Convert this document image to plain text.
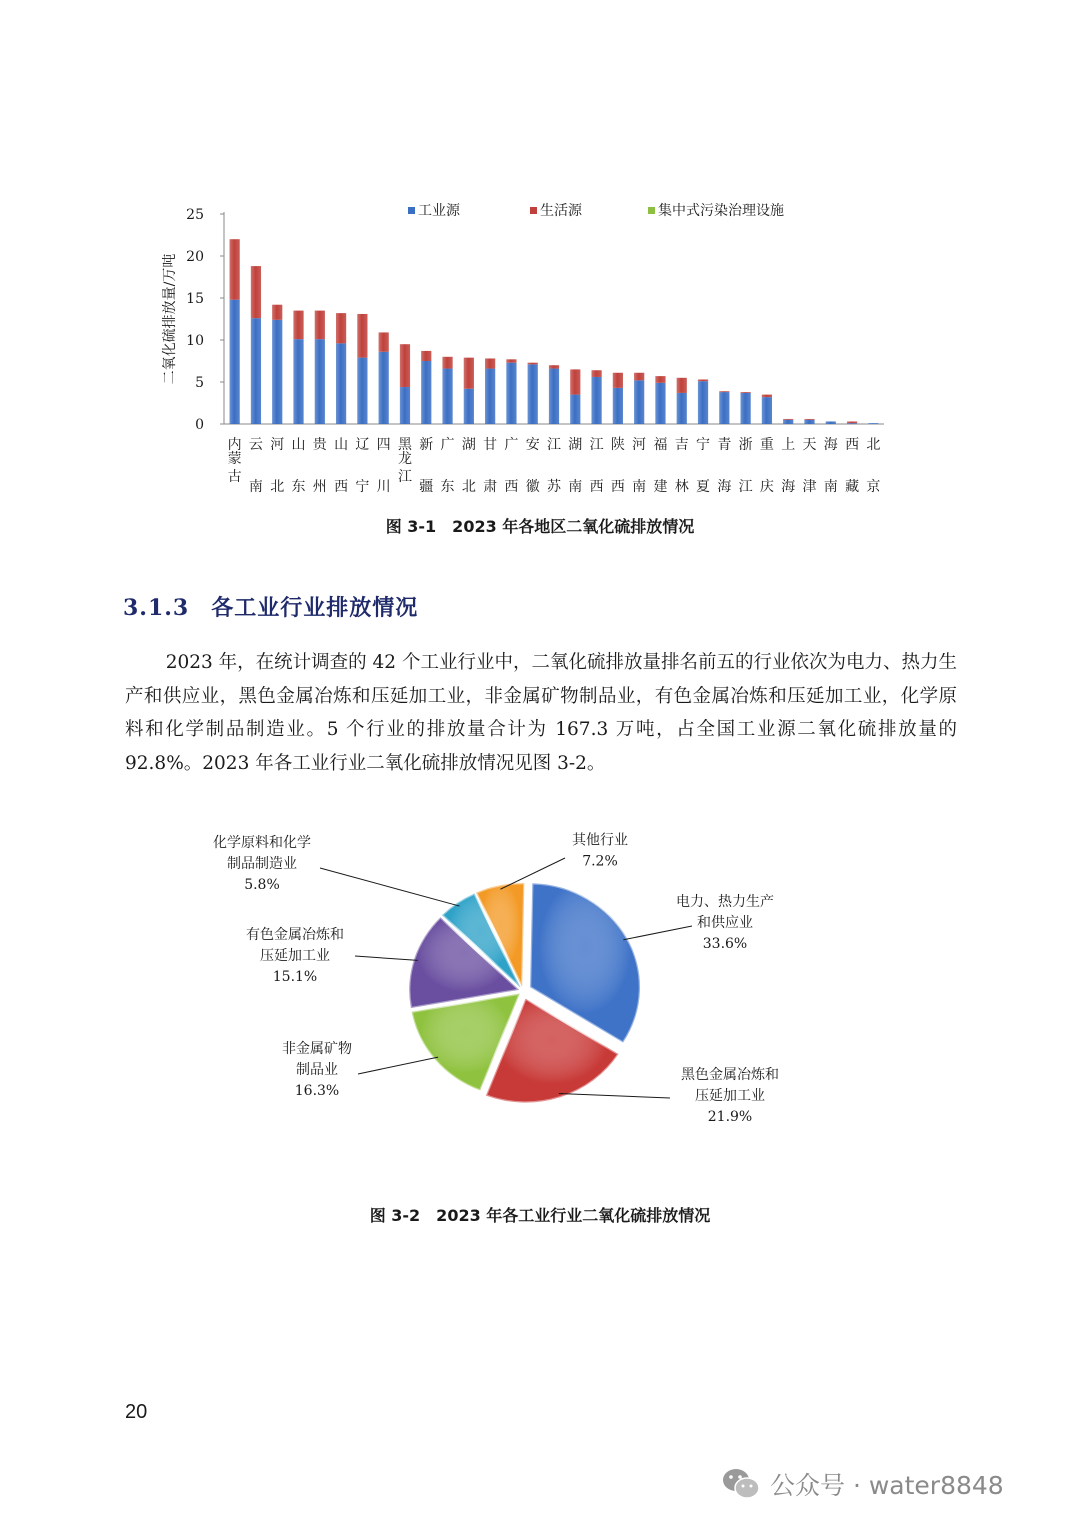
二氧化硫排放量/万吨
0
5
10
15
20
25
内蒙古
云南
河北
山东
贵州
山西
辽宁
四川
黑龙江
新疆
广东
湖北
甘肃
广西
安徽
江苏
湖南
江西
陕西
河南
福建
吉林
宁夏
青海
浙江
重庆
上海
天津
海南
西藏
北京
工业源	生活源	集中式污染治理设施
图 3-1　2023 年各地区二氧化硫排放情况
3.1.3 各工业行业排放情况
2023 年，在统计调查的 42 个工业行业中，二氧化硫排放量排名前五的行业依次为电力、热力生产和供应业，黑色金属冶炼和压延加工业，非金属矿物制品业，有色金属冶炼和压延加工业，化学原料和化学制品制造业。5 个行业的排放量合计为 167.3 万吨，占全国工业源二氧化硫排放量的 92.8%。2023 年各工业行业二氧化硫排放情况见图 3-2。
电力、热力生产和供应业 33.6%
黑色金属冶炼和压延加工业 21.9%
非金属矿物制品业 16.3%
有色金属冶炼和压延加工业 15.1%
化学原料和化学制品制造业 5.8%
其他行业 7.2%
图 3-2　2023 年各工业行业二氧化硫排放情况
20
公众号 · water8848
